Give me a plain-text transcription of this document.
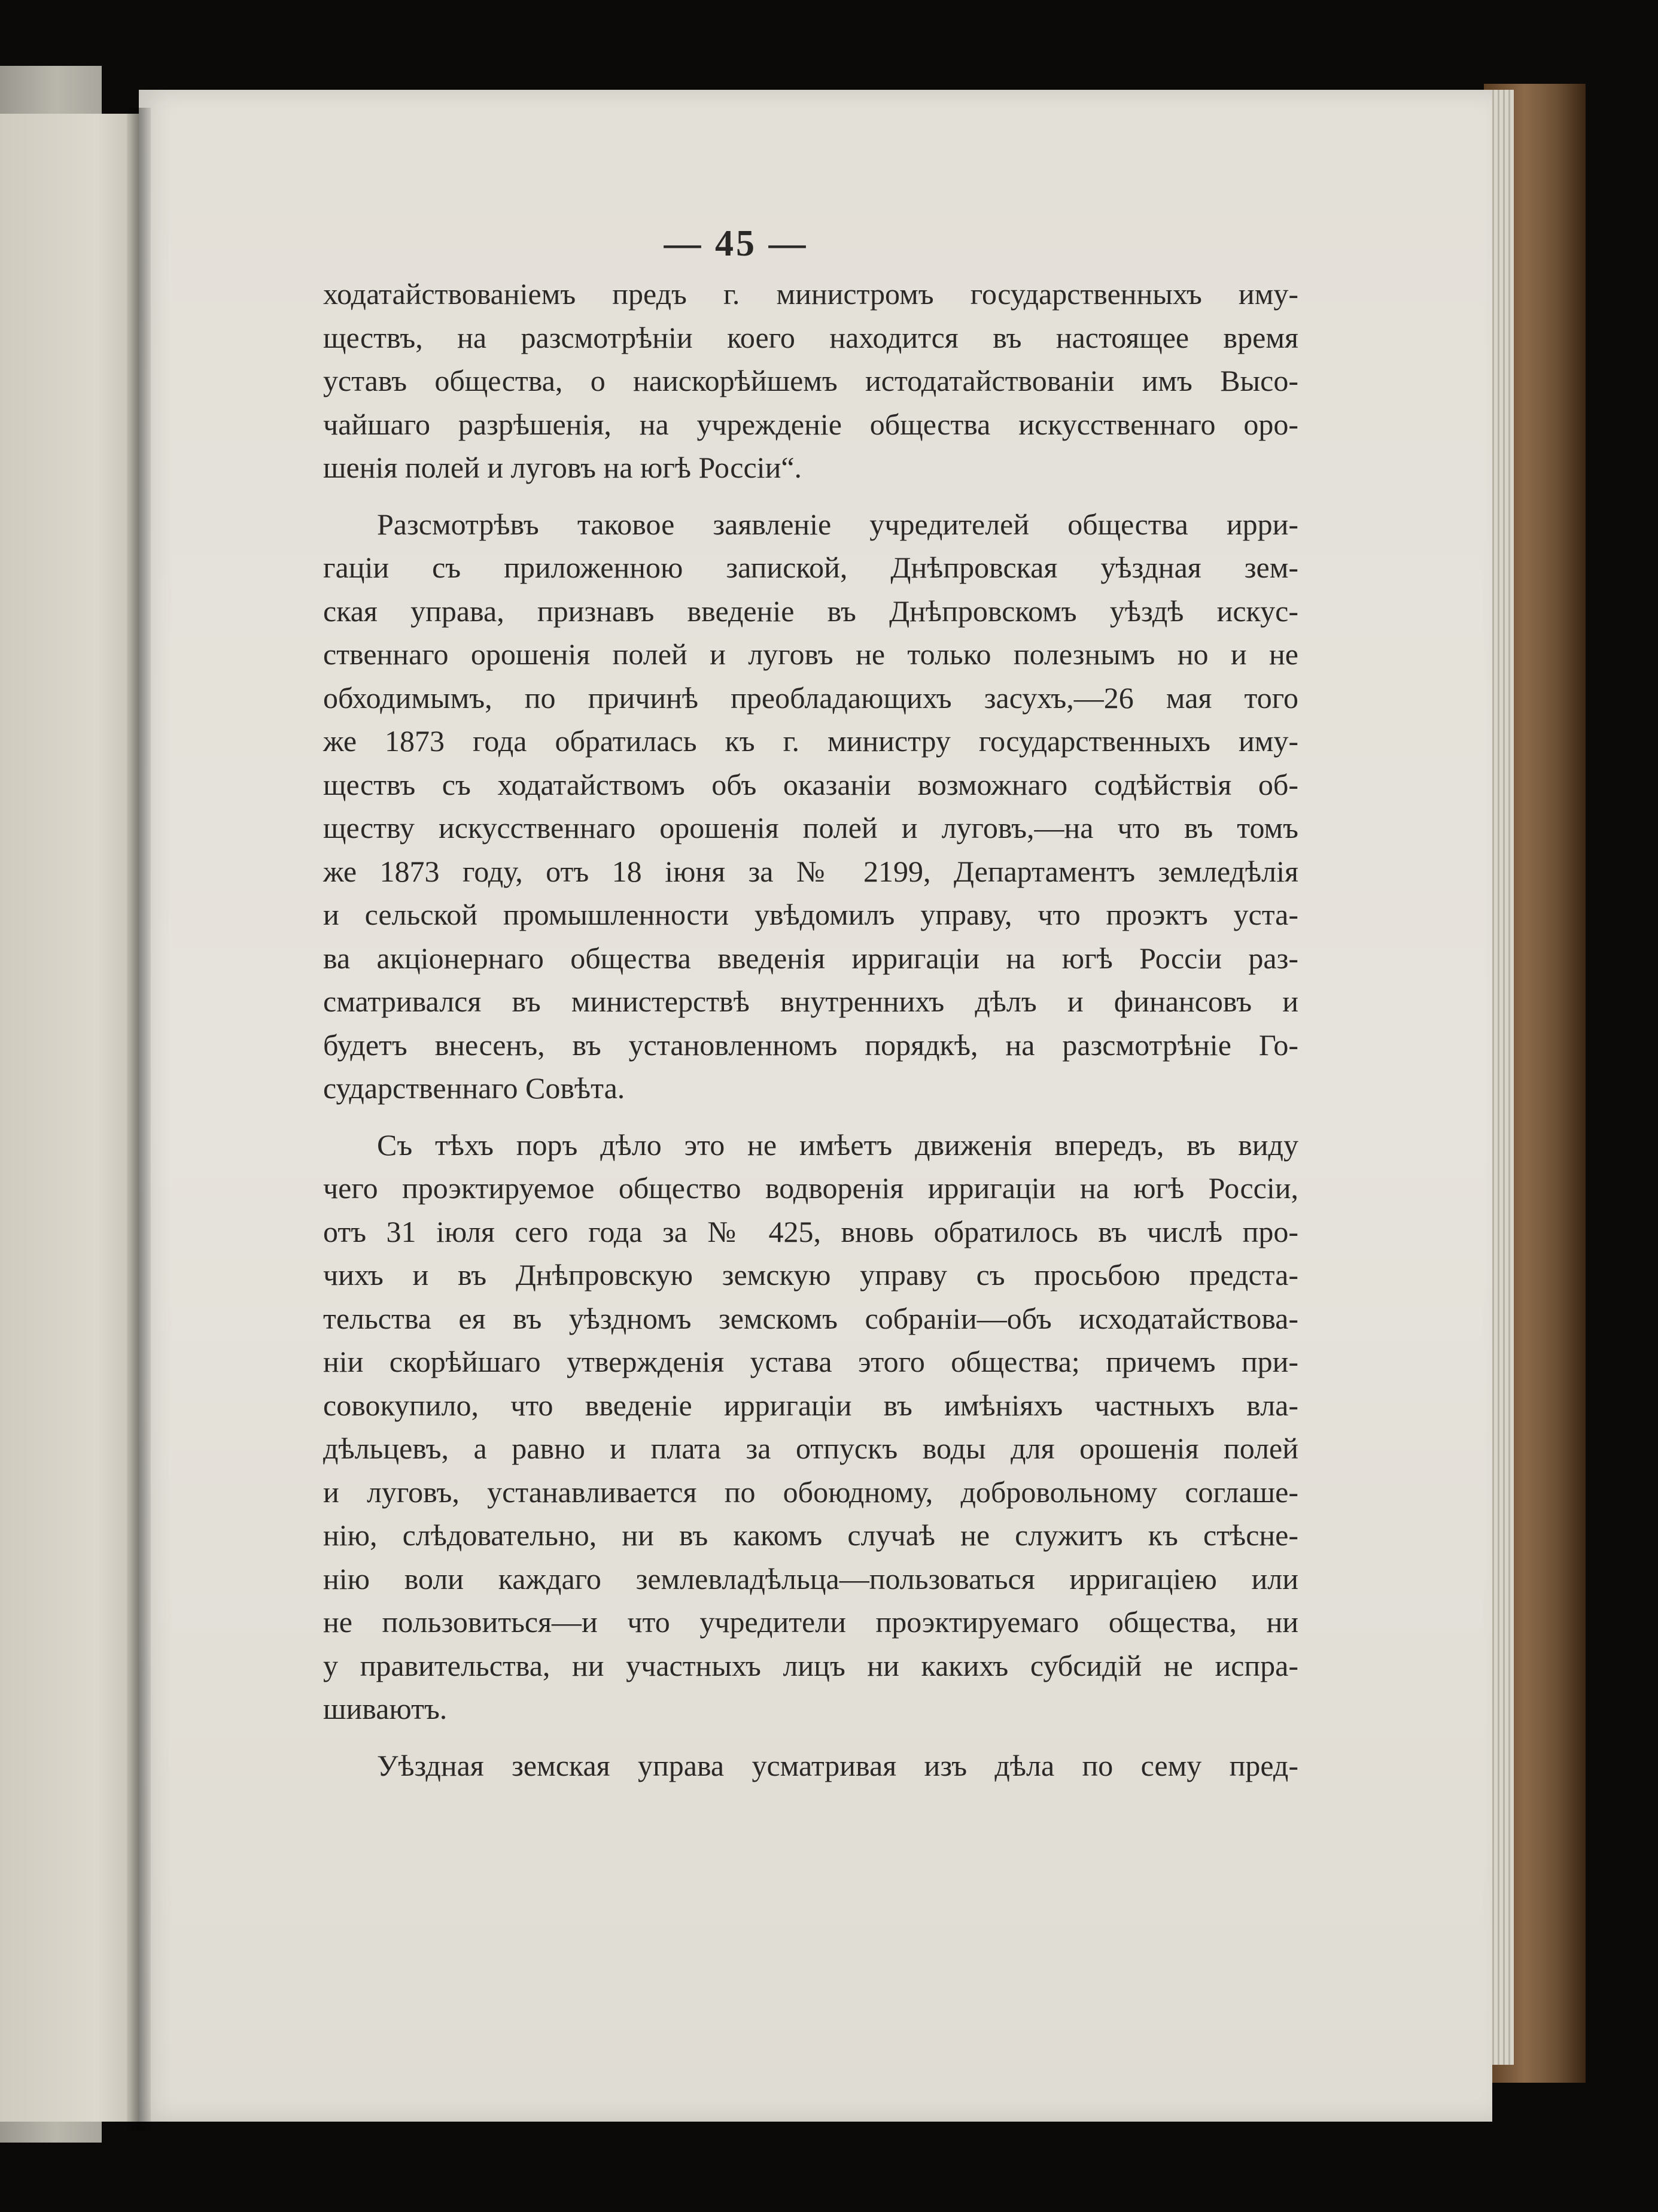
— 45 —
ходатайствованіемъ предъ г. министромъ государственныхъ иму-
ществъ, на разсмотрѣніи коего находится въ настоящее время
уставъ общества, о наискорѣйшемъ истодатайствованіи имъ Высо-
чайшаго разрѣшенія, на учрежденіе общества искусственнаго оро-
шенія полей и луговъ на югѣ Россіи“.
Разсмотрѣвъ таковое заявленіе учредителей общества ирри-
гаціи съ приложенною запиской, Днѣпровская уѣздная зем-
ская управа, признавъ введеніе въ Днѣпровскомъ уѣздѣ искус-
ственнаго орошенія полей и луговъ не только полезнымъ но и не
обходимымъ, по причинѣ преобладающихъ засухъ,—26 мая того
же 1873 года обратилась къ г. министру государственныхъ иму-
ществъ съ ходатайствомъ объ оказаніи возможнаго содѣйствія об-
ществу искусственнаго орошенія полей и луговъ,—на что въ томъ
же 1873 году, отъ 18 іюня за № 2199, Департаментъ земледѣлія
и сельской промышленности увѣдомилъ управу, что проэктъ уста-
ва акціонернаго общества введенія ирригаціи на югѣ Россіи раз-
сматривался въ министерствѣ внутреннихъ дѣлъ и финансовъ и
будетъ внесенъ, въ установленномъ порядкѣ, на разсмотрѣніе Го-
сударственнаго Совѣта.
Съ тѣхъ поръ дѣло это не имѣетъ движенія впередъ, въ виду
чего проэктируемое общество водворенія ирригаціи на югѣ Россіи,
отъ 31 іюля сего года за № 425, вновь обратилось въ числѣ про-
чихъ и въ Днѣпровскую земскую управу съ просьбою предста-
тельства ея въ уѣздномъ земскомъ собраніи—объ исходатайствова-
ніи скорѣйшаго утвержденія устава этого общества; причемъ при-
совокупило, что введеніе ирригаціи въ имѣніяхъ частныхъ вла-
дѣльцевъ, а равно и плата за отпускъ воды для орошенія полей
и луговъ, устанавливается по обоюдному, добровольному соглаше-
нію, слѣдовательно, ни въ какомъ случаѣ не служитъ къ стѣсне-
нію воли каждаго землевладѣльца—пользоваться ирригаціею или
не пользовиться—и что учредители проэктируемаго общества, ни
у правительства, ни участныхъ лицъ ни какихъ субсидій не испра-
шиваютъ.
Уѣздная земская управа усматривая изъ дѣла по сему пред-
